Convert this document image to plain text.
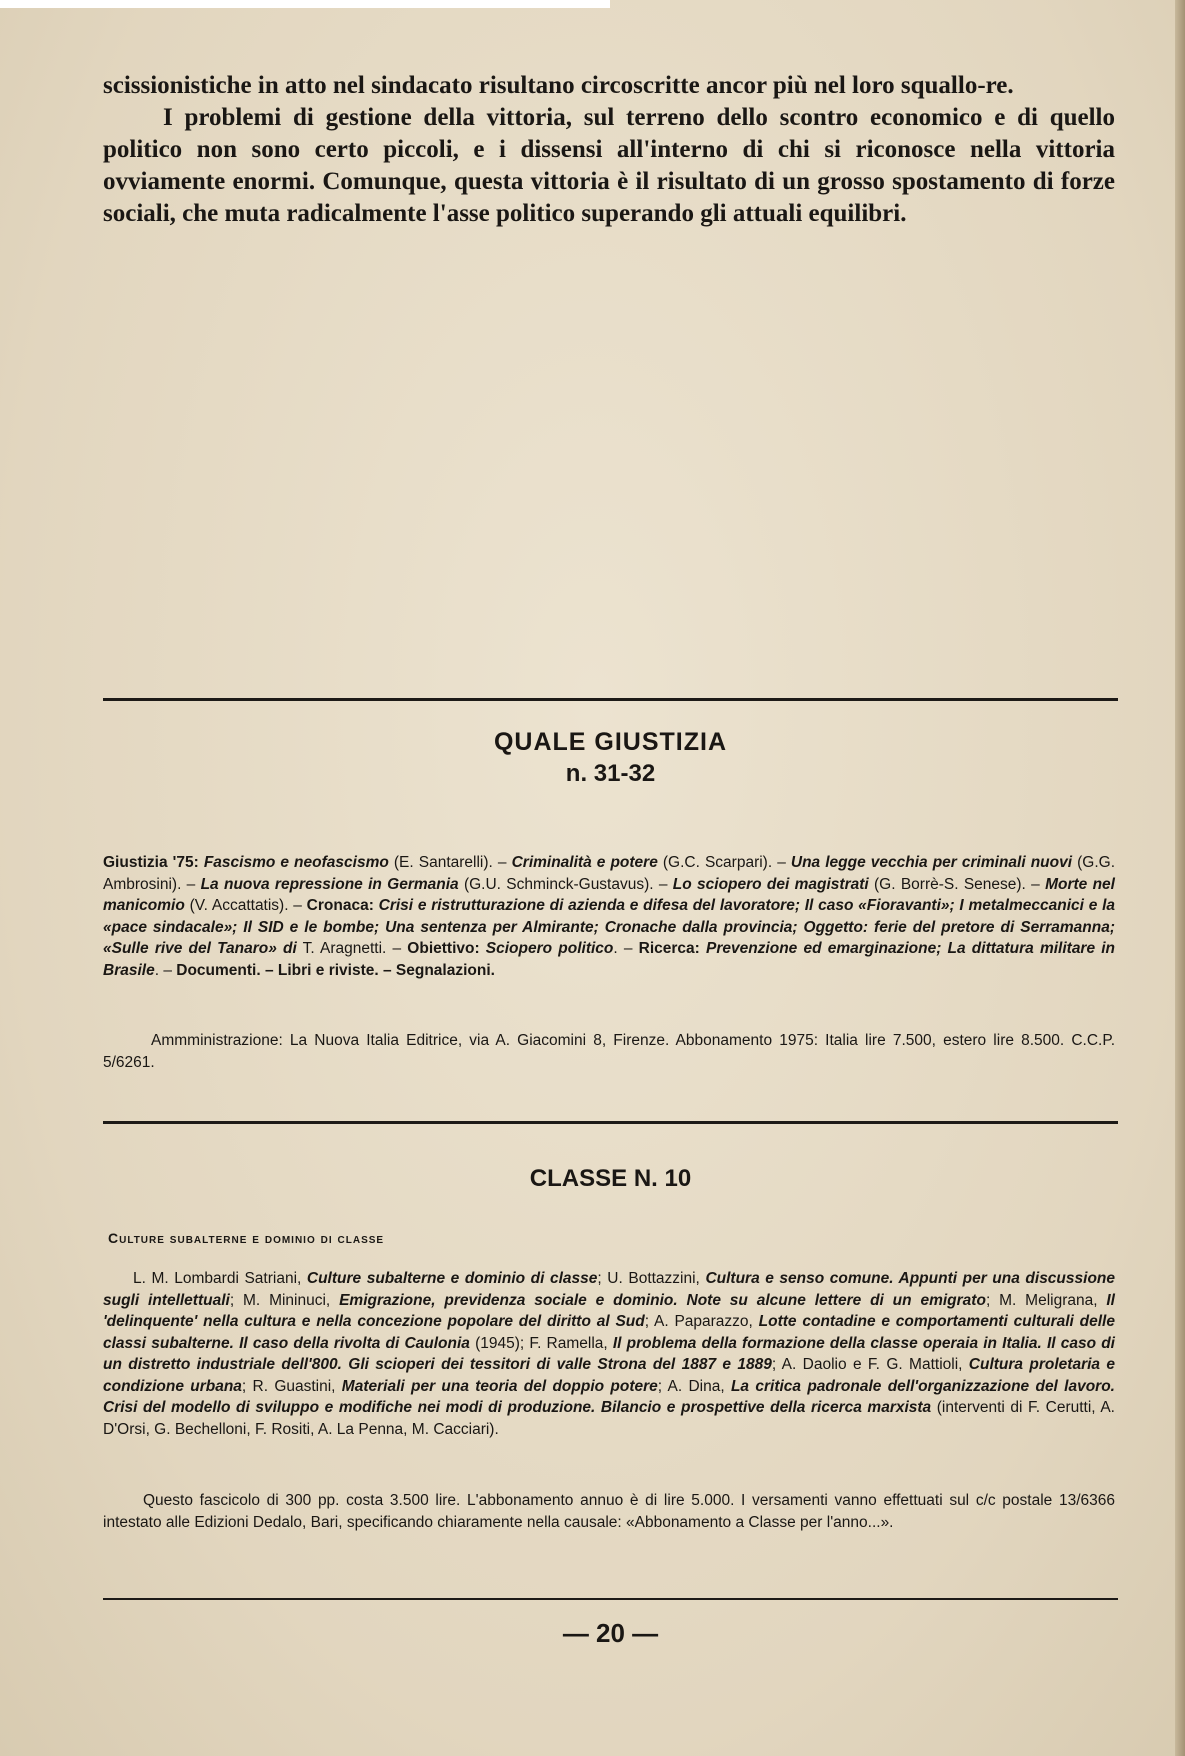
scissionistiche in atto nel sindacato risultano circoscritte ancor più nel loro squallo-re.

I problemi di gestione della vittoria, sul terreno dello scontro economico e di quello politico non sono certo piccoli, e i dissensi all'interno di chi si riconosce nella vittoria ovviamente enormi. Comunque, questa vittoria è il risultato di un grosso spostamento di forze sociali, che muta radicalmente l'asse politico superando gli attuali equilibri.

QUALE GIUSTIZIA
n. 31-32
Giustizia '75: Fascismo e neofascismo (E. Santarelli). – Criminalità e potere (G.C. Scarpari). – Una legge vecchia per criminali nuovi (G.G. Ambrosini). – La nuova repressione in Germania (G.U. Schminck-Gustavus). – Lo sciopero dei magistrati (G. Borrè-S. Senese). – Morte nel manicomio (V. Accattatis). – Cronaca: Crisi e ristrutturazione di azienda e difesa del lavoratore; Il caso «Fioravanti»; I metalmeccanici e la «pace sindacale»; Il SID e le bombe; Una sentenza per Almirante; Cronache dalla provincia; Oggetto: ferie del pretore di Serramanna; «Sulle rive del Tanaro» di T. Aragnetti. – Obiettivo: Sciopero politico. – Ricerca: Prevenzione ed emarginazione; La dittatura militare in Brasile. – Documenti. – Libri e riviste. – Segnalazioni.
Ammministrazione: La Nuova Italia Editrice, via A. Giacomini 8, Firenze. Abbonamento 1975: Italia lire 7.500, estero lire 8.500. C.C.P. 5/6261.
CLASSE N. 10
Culture subalterne e dominio di classe
L. M. Lombardi Satriani, Culture subalterne e dominio di classe; U. Bottazzini, Cultura e senso comune. Appunti per una discussione sugli intellettuali; M. Mininuci, Emigrazione, previdenza sociale e dominio. Note su alcune lettere di un emigrato; M. Meligrana, Il 'delinquente' nella cultura e nella concezione popolare del diritto al Sud; A. Paparazzo, Lotte contadine e comportamenti culturali delle classi subalterne. Il caso della rivolta di Caulonia (1945); F. Ramella, Il problema della formazione della classe operaia in Italia. Il caso di un distretto industriale dell'800. Gli scioperi dei tessitori di valle Strona del 1887 e 1889; A. Daolio e F. G. Mattioli, Cultura proletaria e condizione urbana; R. Guastini, Materiali per una teoria del doppio potere; A. Dina, La critica padronale dell'organizzazione del lavoro. Crisi del modello di sviluppo e modifiche nei modi di produzione. Bilancio e prospettive della ricerca marxista (interventi di F. Cerutti, A. D'Orsi, G. Bechelloni, F. Rositi, A. La Penna, M. Cacciari).
Questo fascicolo di 300 pp. costa 3.500 lire. L'abbonamento annuo è di lire 5.000. I versamenti vanno effettuati sul c/c postale 13/6366 intestato alle Edizioni Dedalo, Bari, specificando chiaramente nella causale: «Abbonamento a Classe per l'anno...».
— 20 —
